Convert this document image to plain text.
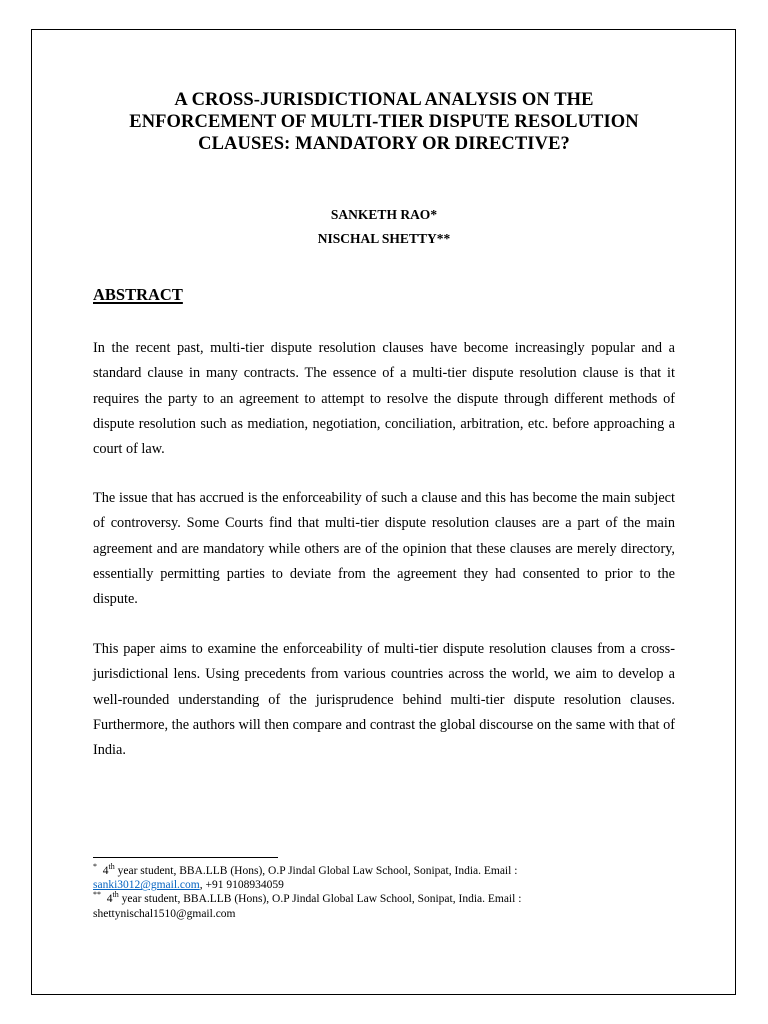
A CROSS-JURISDICTIONAL ANALYSIS ON THE
ENFORCEMENT OF MULTI-TIER DISPUTE RESOLUTION
CLAUSES: MANDATORY OR DIRECTIVE?
SANKETH RAO*
NISCHAL SHETTY**
ABSTRACT

In the recent past, multi-tier dispute resolution clauses have become increasingly popular and a standard clause in many contracts. The essence of a multi-tier dispute resolution clause is that it requires the party to an agreement to attempt to resolve the dispute through different methods of dispute resolution such as mediation, negotiation, conciliation, arbitration, etc. before approaching a court of law.

The issue that has accrued is the enforceability of such a clause and this has become the main subject of controversy. Some Courts find that multi-tier dispute resolution clauses are a part of the main agreement and are mandatory while others are of the opinion that these clauses are merely directory, essentially permitting parties to deviate from the agreement they had consented to prior to the dispute.

This paper aims to examine the enforceability of multi-tier dispute resolution clauses from a cross-jurisdictional lens. Using precedents from various countries across the world, we aim to develop a well-rounded understanding of the jurisprudence behind multi-tier dispute resolution clauses. Furthermore, the authors will then compare and contrast the global discourse on the same with that of India.

* 4th year student, BBA.LLB (Hons), O.P Jindal Global Law School, Sonipat, India. Email :
sanki3012@gmail.com, +91 9108934059
** 4th year student, BBA.LLB (Hons), O.P Jindal Global Law School, Sonipat, India. Email :
shettynischal1510@gmail.com
